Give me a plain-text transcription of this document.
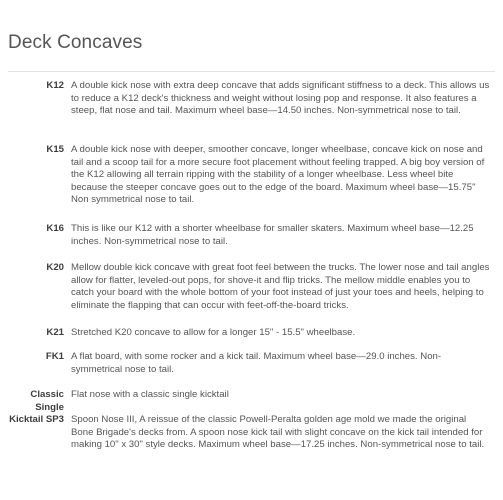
Deck Concaves
K12 A double kick nose with extra deep concave that adds significant stiffness to a deck. This allows us to reduce a K12 deck's thickness and weight without losing pop and response. It also features a steep, flat nose and tail. Maximum wheel base—14.50 inches. Non-symmetrical nose to tail.

K15 A double kick nose with deeper, smoother concave, longer wheelbase, concave kick on nose and tail and a scoop tail for a more secure foot placement without feeling trapped. A big boy version of the K12 allowing all terrain ripping with the stability of a longer wheelbase. Less wheel bite because the steeper concave goes out to the edge of the board. Maximum wheel base—15.75" Non symmetrical nose to tail.

K16 This is like our K12 with a shorter wheelbase for smaller skaters. Maximum wheel base—12.25 inches. Non-symmetrical nose to tail.

K20 Mellow double kick concave with great foot feel between the trucks. The lower nose and tail angles allow for flatter, leveled-out pops, for shove-it and flip tricks. The mellow middle enables you to catch your board with the whole bottom of your foot instead of just your toes and heels, helping to eliminate the flapping that can occur with feet-off-the-board tricks.

K21 Stretched K20 concave to allow for a longer 15" - 15.5" wheelbase.

FK1 A flat board, with some rocker and a kick tail. Maximum wheel base—29.0 inches. Non-symmetrical nose to tail.

Classic Single Kicktail SP3

Flat nose with a classic single kicktail

Spoon Nose III, A reissue of the classic Powell-Peralta golden age mold we made the original Bone Brigade's decks from. A spoon nose kick tail with slight concave on the kick tail intended for making 10" x 30" style decks. Maximum wheel base—17.25 inches. Non-symmetrical nose to tail.
